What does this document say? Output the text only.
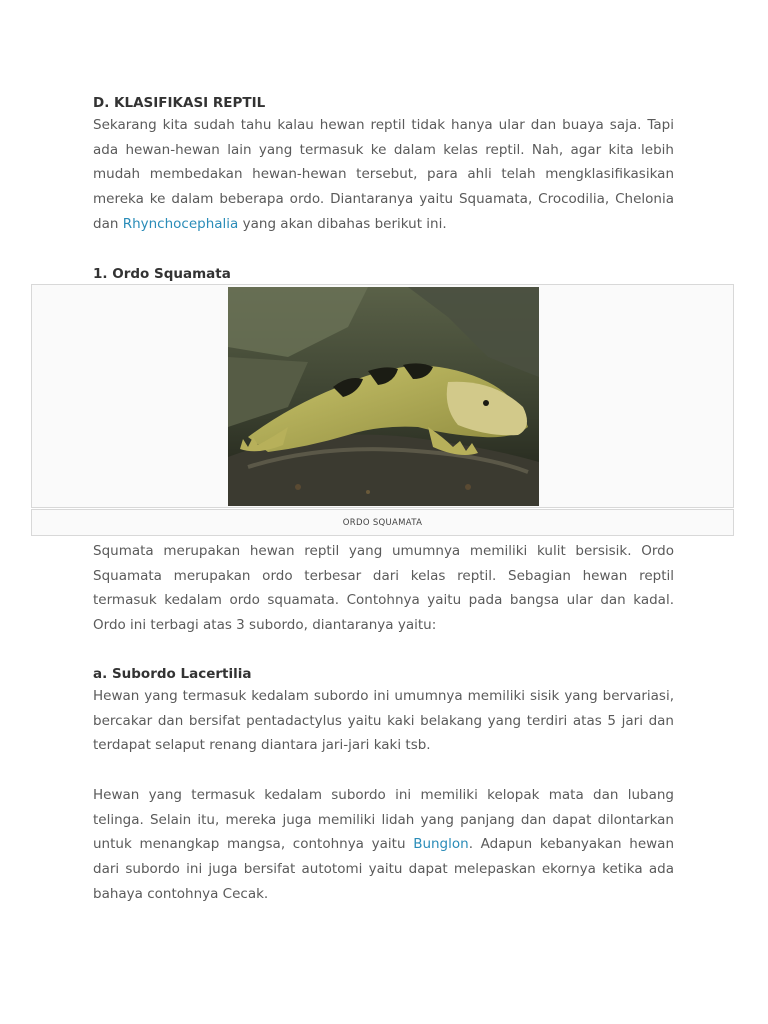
D. KLASIFIKASI REPTIL

Sekarang kita sudah tahu kalau hewan reptil tidak hanya ular dan buaya saja. Tapi ada hewan-hewan lain yang termasuk ke dalam kelas reptil. Nah, agar kita lebih mudah membedakan hewan-hewan tersebut, para ahli telah mengklasifikasikan mereka ke dalam beberapa ordo. Diantaranya yaitu Squamata, Crocodilia, Chelonia dan Rhynchocephalia yang akan dibahas berikut ini.

1. Ordo Squamata
ORDO SQUAMATA

Squmata merupakan hewan reptil yang umumnya memiliki kulit bersisik. Ordo Squamata merupakan ordo terbesar dari kelas reptil. Sebagian hewan reptil termasuk kedalam ordo squamata. Contohnya yaitu pada bangsa ular dan kadal. Ordo ini terbagi atas 3 subordo, diantaranya yaitu:

a. Subordo Lacertilia

Hewan yang termasuk kedalam subordo ini umumnya memiliki sisik yang bervariasi, bercakar dan bersifat pentadactylus yaitu kaki belakang yang terdiri atas 5 jari dan terdapat selaput renang diantara jari-jari kaki tsb.

Hewan yang termasuk kedalam subordo ini memiliki kelopak mata dan lubang telinga. Selain itu, mereka juga memiliki lidah yang panjang dan dapat dilontarkan untuk menangkap mangsa, contohnya yaitu Bunglon. Adapun kebanyakan hewan dari subordo ini juga bersifat autotomi yaitu dapat melepaskan ekornya ketika ada bahaya contohnya Cecak.
